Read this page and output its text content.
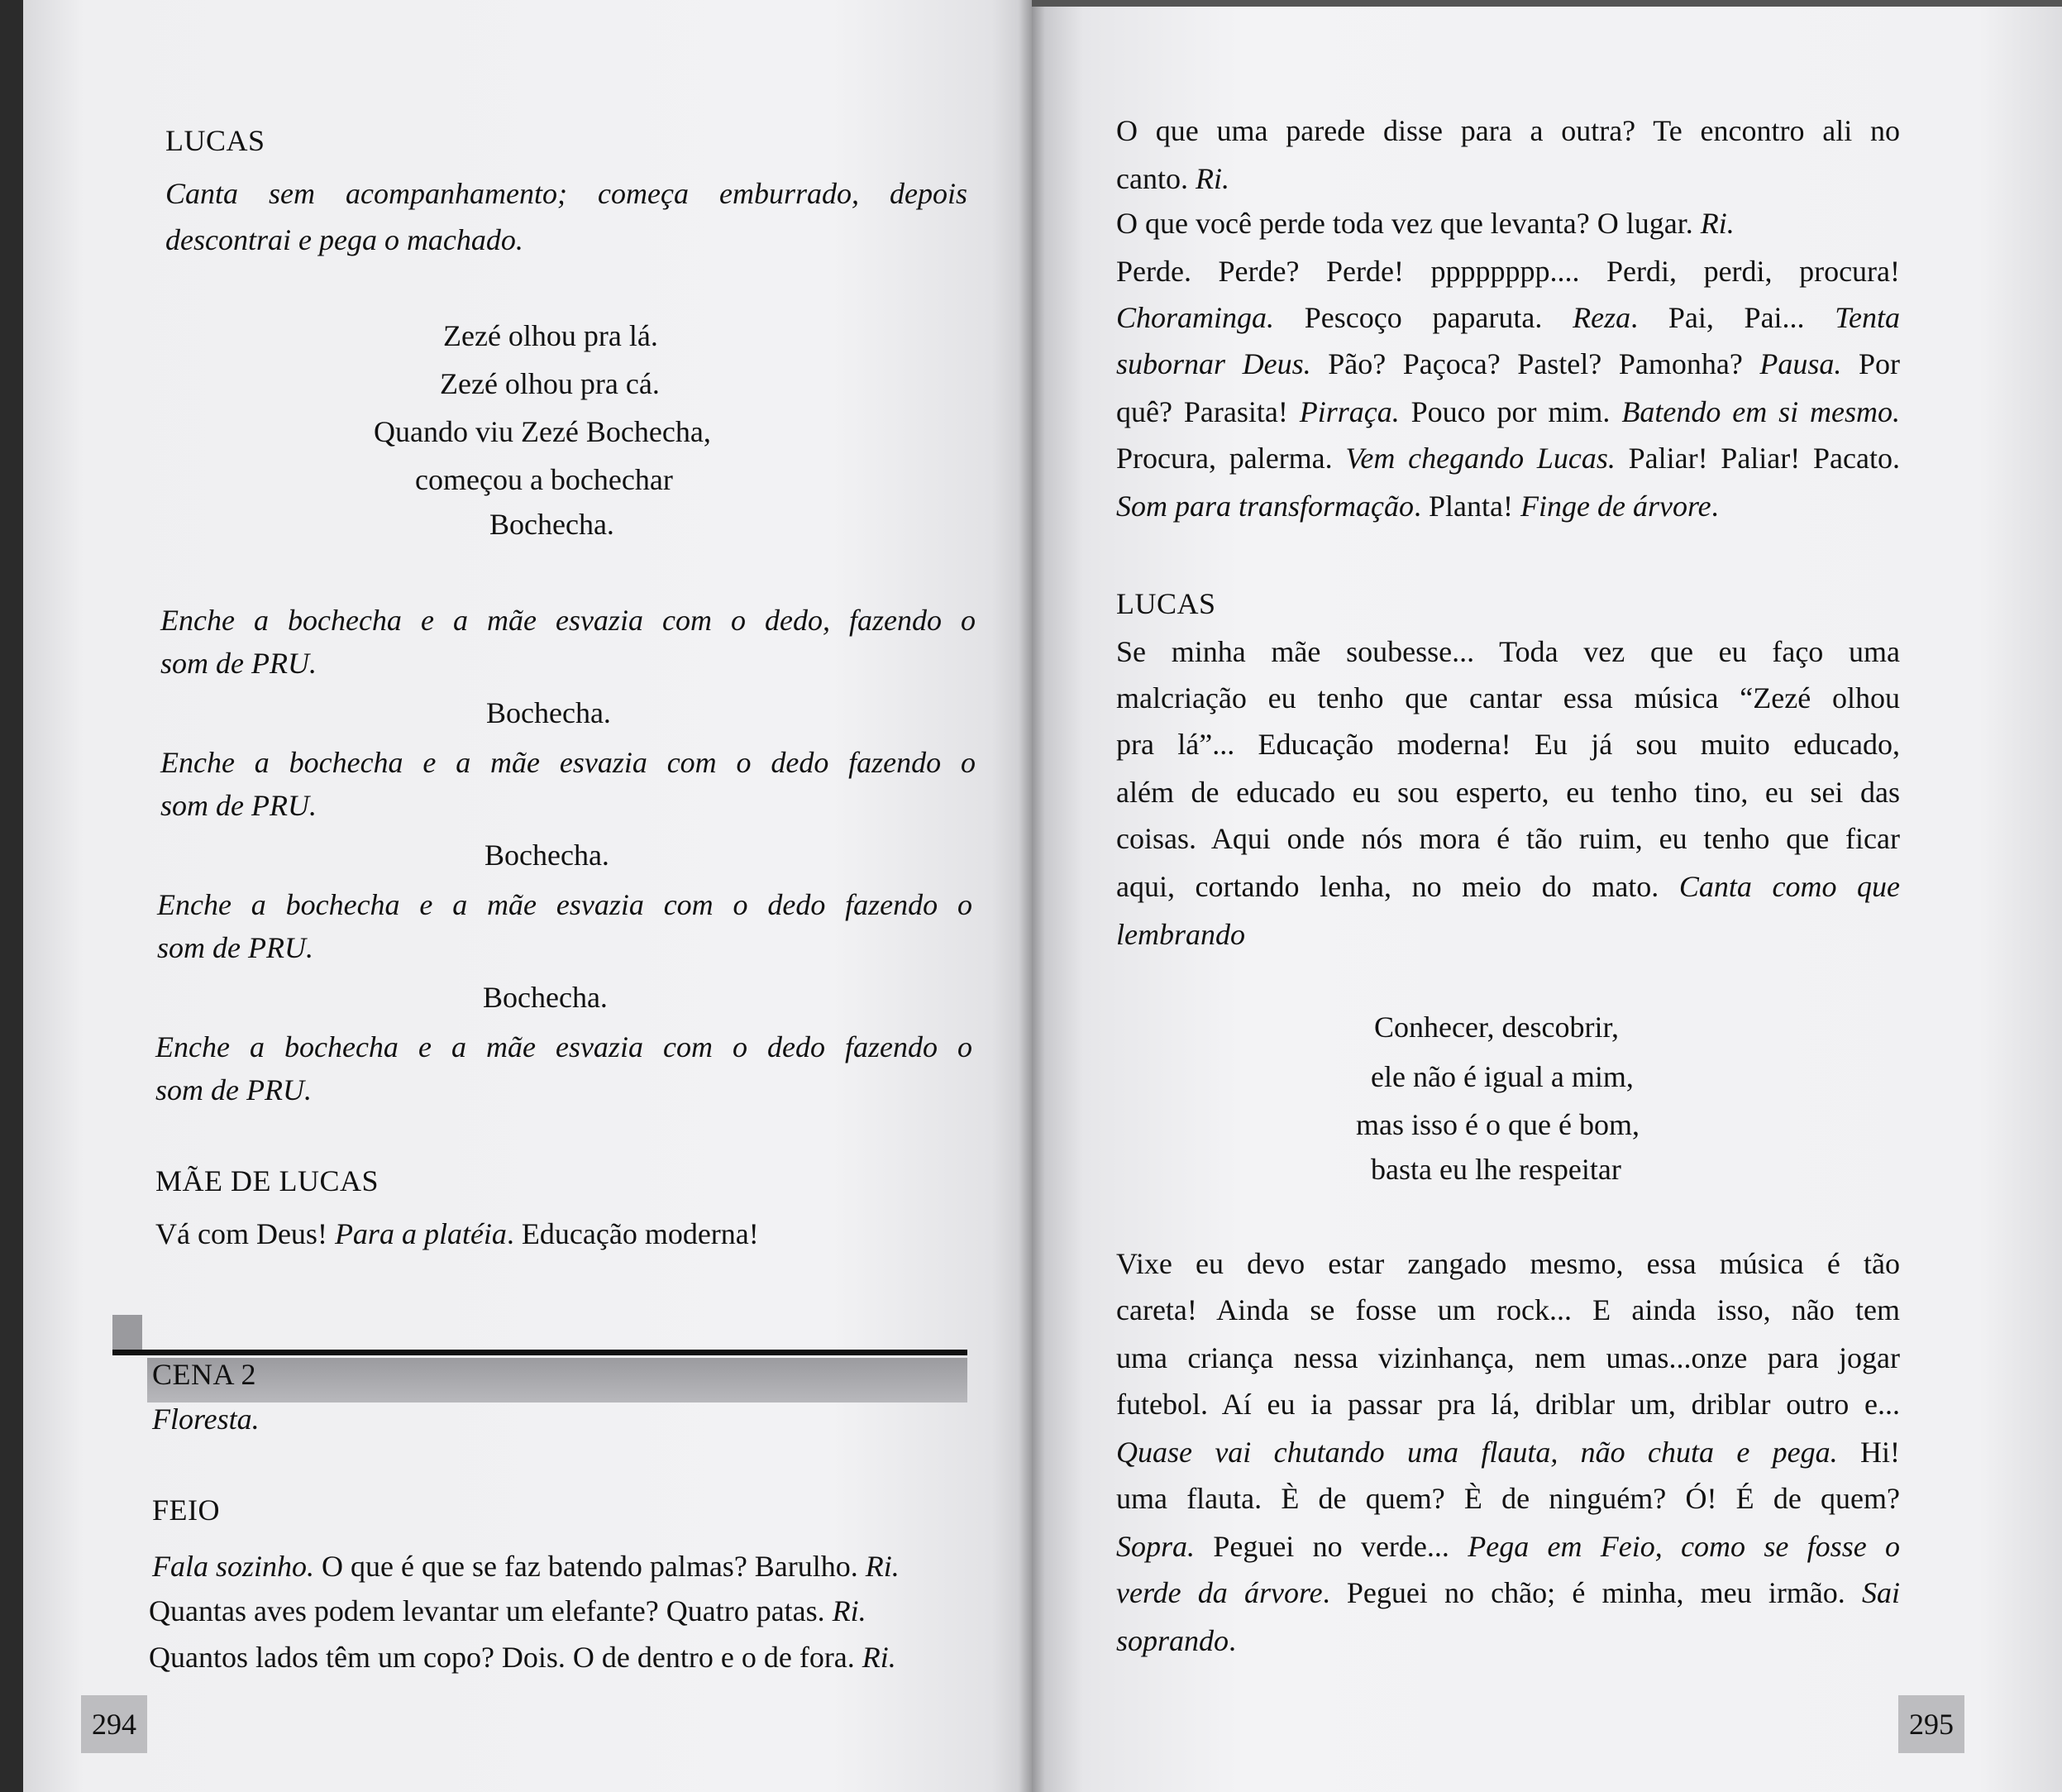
LUCAS
Canta sem acompanhamento; começa emburrado, depois
descontrai e pega o machado.
Zezé olhou pra lá.
Zezé olhou pra cá.
Quando viu Zezé Bochecha,
começou a bochechar
Bochecha.
Enche a bochecha e a mãe esvazia com o dedo, fazendo o
som de PRU.
Bochecha.
Enche a bochecha e a mãe esvazia com o dedo fazendo o
som de PRU.
Bochecha.
Enche a bochecha e a mãe esvazia com o dedo fazendo o
som de PRU.
Bochecha.
Enche a bochecha e a mãe esvazia com o dedo fazendo o
som de PRU.
MÃE DE LUCAS
Vá com Deus! Para a platéia. Educação moderna!
CENA 2
Floresta.
FEIO
Fala sozinho. O que é que se faz batendo palmas? Barulho. Ri.
Quantas aves podem levantar um elefante? Quatro patas. Ri.
Quantos lados têm um copo? Dois. O de dentro e o de fora. Ri.
294
O que uma parede disse para a outra? Te encontro ali no
canto. Ri.
O que você perde toda vez que levanta? O lugar. Ri.
Perde. Perde? Perde! pppppppp.... Perdi, perdi, procura!
Choraminga. Pescoço paparuta. Reza. Pai, Pai... Tenta
subornar Deus. Pão? Paçoca? Pastel? Pamonha? Pausa. Por
quê? Parasita! Pirraça. Pouco por mim. Batendo em si mesmo.
Procura, palerma. Vem chegando Lucas. Paliar! Paliar! Pacato.
Som para transformação. Planta! Finge de árvore.
LUCAS
Se minha mãe soubesse... Toda vez que eu faço uma
malcriação eu tenho que cantar essa música “Zezé olhou
pra lá”... Educação moderna! Eu já sou muito educado,
além de educado eu sou esperto, eu tenho tino, eu sei das
coisas. Aqui onde nós mora é tão ruim, eu tenho que ficar
aqui, cortando lenha, no meio do mato. Canta como que
lembrando
Conhecer, descobrir,
ele não é igual a mim,
mas isso é o que é bom,
basta eu lhe respeitar
Vixe eu devo estar zangado mesmo, essa música é tão
careta! Ainda se fosse um rock... E ainda isso, não tem
uma criança nessa vizinhança, nem umas...onze para jogar
futebol. Aí eu ia passar pra lá, driblar um, driblar outro e...
Quase vai chutando uma flauta, não chuta e pega. Hi!
uma flauta. È de quem? È de ninguém? Ó! É de quem?
Sopra. Peguei no verde... Pega em Feio, como se fosse o
verde da árvore. Peguei no chão; é minha, meu irmão. Sai
soprando.
295
